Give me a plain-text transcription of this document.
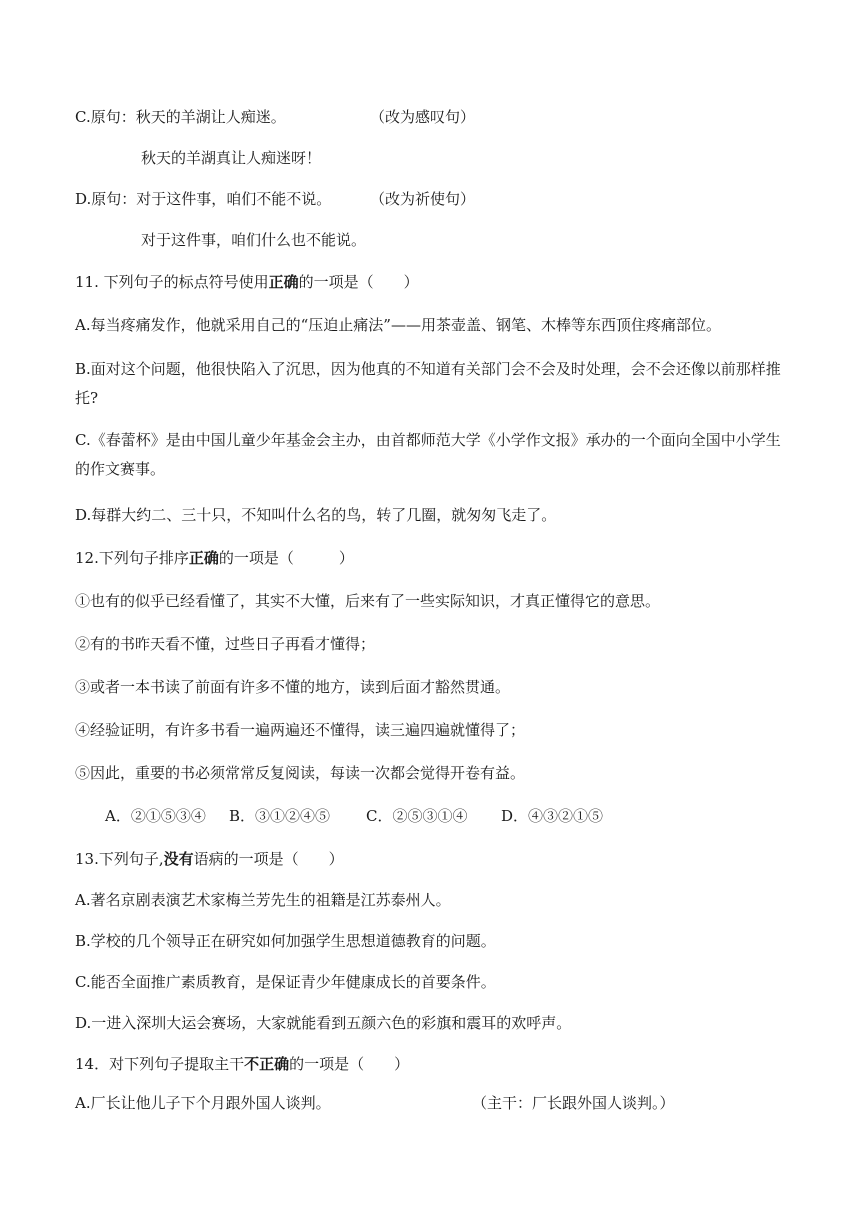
C.原句：秋天的羊湖让人痴迷。	（改为感叹句）
秋天的羊湖真让人痴迷呀！
D.原句：对于这件事，咱们不能不说。	（改为祈使句）
对于这件事，咱们什么也不能说。
11. 下列句子的标点符号使用正确的一项是（　　）
A.每当疼痛发作，他就采用自己的“压迫止痛法”——用茶壶盖、钢笔、木棒等东西顶住疼痛部位。
B.面对这个问题，他很快陷入了沉思，因为他真的不知道有关部门会不会及时处理，会不会还像以前那样推托?
C.《春蕾杯》是由中国儿童少年基金会主办，由首都师范大学《小学作文报》承办的一个面向全国中小学生的作文赛事。
D.每群大约二、三十只，不知叫什么名的鸟，转了几圈，就匆匆飞走了。
12.下列句子排序正确的一项是（　　　）
①也有的似乎已经看懂了，其实不大懂，后来有了一些实际知识，才真正懂得它的意思。
②有的书昨天看不懂，过些日子再看才懂得；
③或者一本书读了前面有许多不懂的地方，读到后面才豁然贯通。
④经验证明，有许多书看一遍两遍还不懂得，读三遍四遍就懂得了；
⑤因此，重要的书必须常常反复阅读，每读一次都会觉得开卷有益。
A．②①⑤③④ B．③①②④⑤ C．②⑤③①④ D．④③②①⑤
13.下列句子,没有语病的一项是（　　）
A.著名京剧表演艺术家梅兰芳先生的祖籍是江苏泰州人。
B.学校的几个领导正在研究如何加强学生思想道德教育的问题。
C.能否全面推广素质教育，是保证青少年健康成长的首要条件。
D.一进入深圳大运会赛场，大家就能看到五颜六色的彩旗和震耳的欢呼声。
14．对下列句子提取主干不正确的一项是（　　）
A.厂长让他儿子下个月跟外国人谈判。	（主干：厂长跟外国人谈判。）
